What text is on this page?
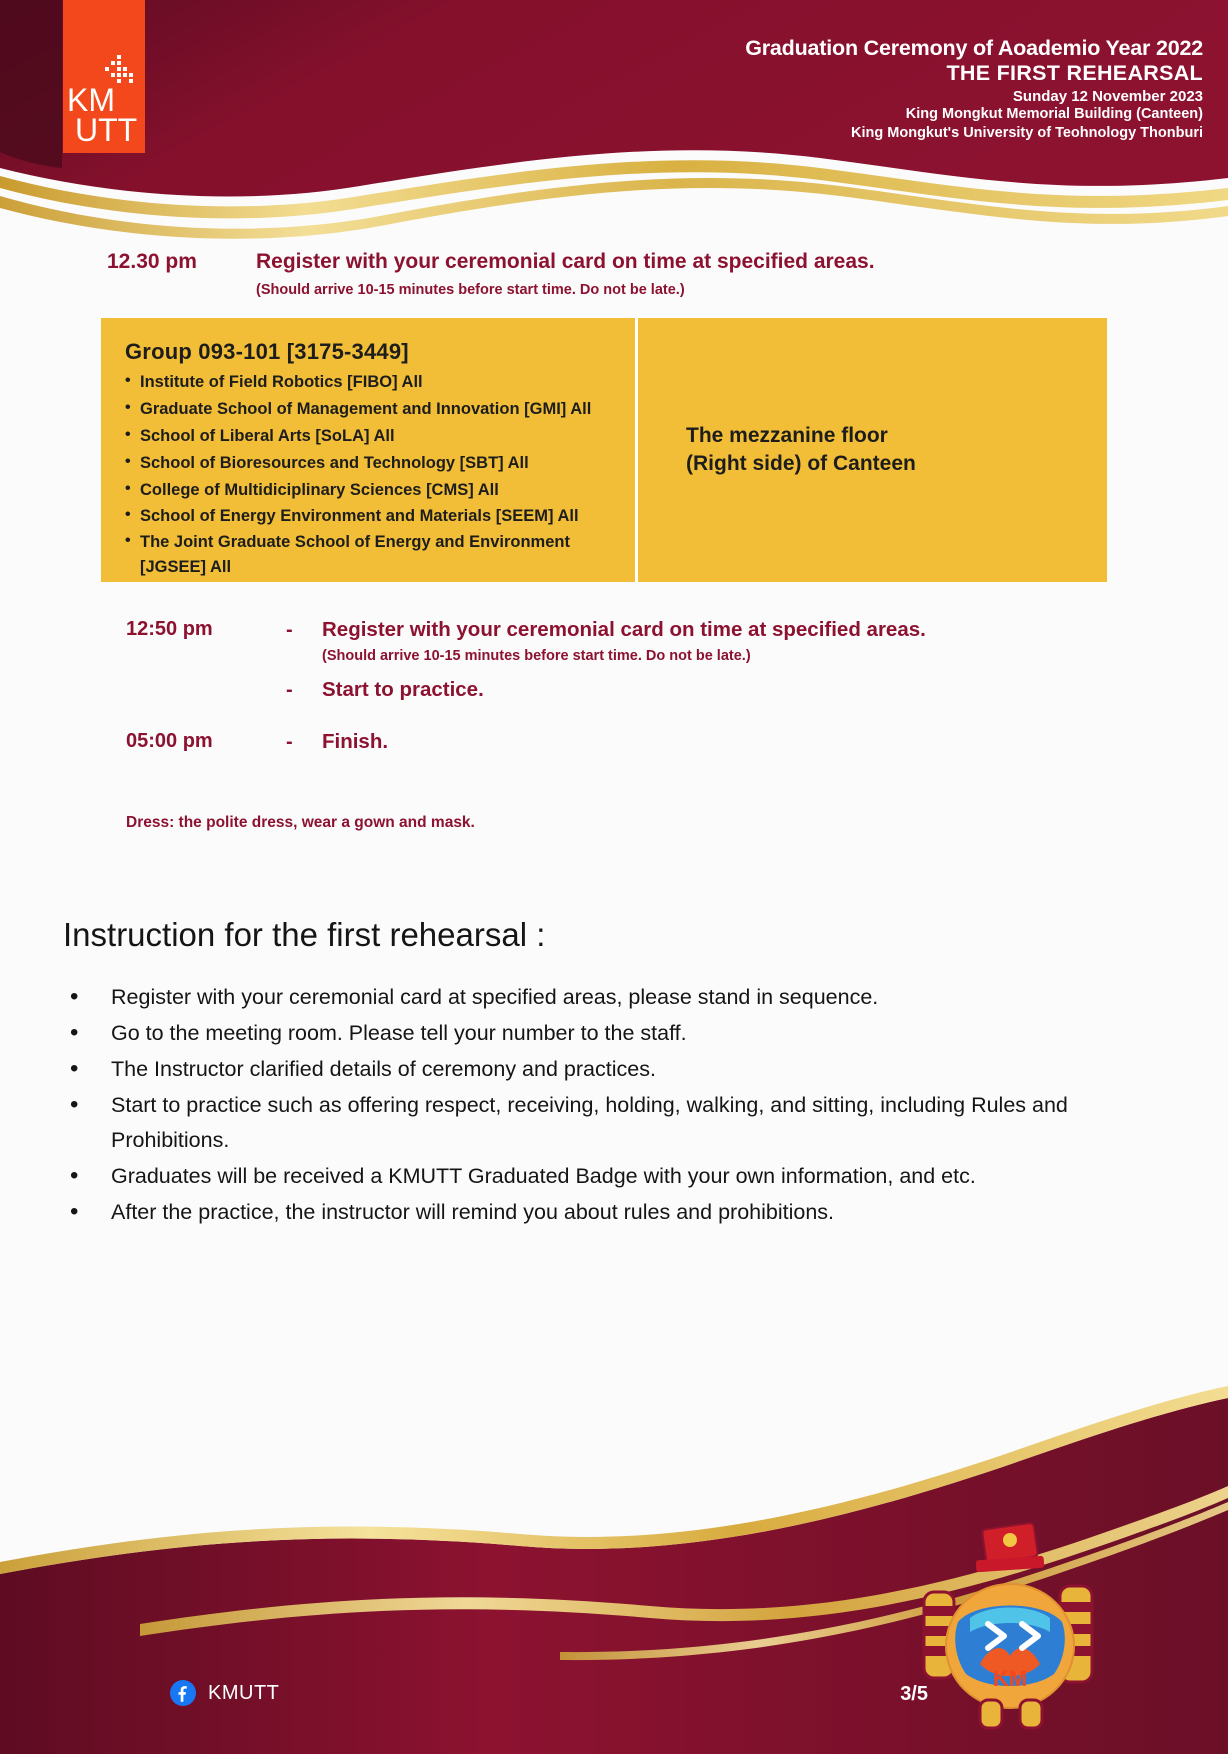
KM
UTT
Graduation Ceremony of Aoademio Year 2022
THE FIRST REHEARSAL
Sunday 12 November 2023
King Mongkut Memorial Building (Canteen)
King Mongkut's University of Teohnology Thonburi
12.30 pm	Register with your ceremonial card on time at specified areas.
(Should arrive 10-15 minutes before start time. Do not be late.)
Group 093-101 [3175-3449]
• Institute of Field Robotics [FIBO] All
• Graduate School of Management and Innovation [GMI] All
• School of Liberal Arts [SoLA] All
• School of Bioresources and Technology [SBT] All
• College of Multidiciplinary Sciences [CMS] All
• School of Energy Environment and Materials [SEEM] All
• The Joint Graduate School of Energy and Environment [JGSEE] All
The mezzanine floor
(Right side) of Canteen
12:50 pm	- Register with your ceremonial card on time at specified areas.
(Should arrive 10-15 minutes before start time. Do not be late.)
- Start to practice.
05:00 pm	- Finish.
Dress: the polite dress, wear a gown and mask.
Instruction for the first rehearsal :
• Register with your ceremonial card at specified areas, please stand in sequence.
• Go to the meeting room. Please tell your number to the staff.
• The Instructor clarified details of ceremony and practices.
• Start to practice such as offering respect, receiving, holding, walking, and sitting, including Rules and Prohibitions.
• Graduates will be received a KMUTT Graduated Badge with your own information, and etc.
• After the practice, the instructor will remind you about rules and prohibitions.
KM
KMUTT	3/5
